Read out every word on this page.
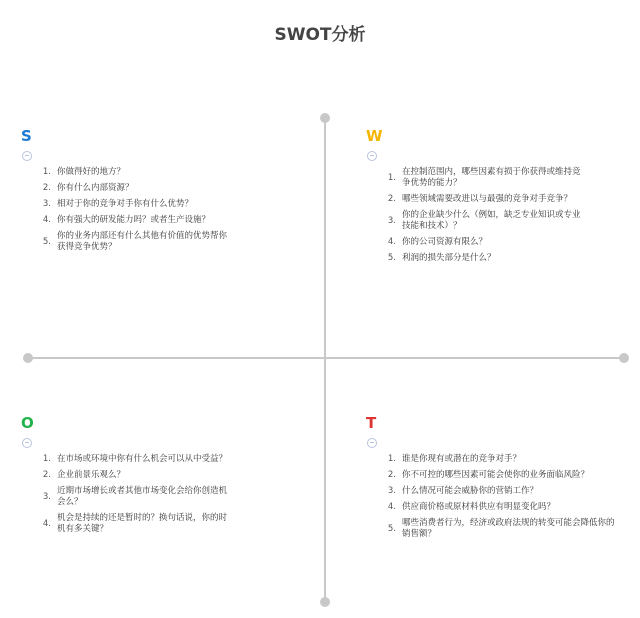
SWOT分析
S
1. 你做得好的地方？
2. 你有什么内部资源？
3. 相对于你的竞争对手你有什么优势？
4. 你有强大的研发能力吗？或者生产设施？
5.
你的业务内部还有什么其他有价值的优势帮你获得竞争优势？
W
1.
在控制范围内，哪些因素有损于你获得或维持竞争优势的能力？
2. 哪些领域需要改进以与最强的竞争对手竞争？
3.
你的企业缺少什么（例如，缺乏专业知识或专业技能和技术）？
4. 你的公司资源有限么？
5. 利润的损失部分是什么？
O
1. 在市场或环境中你有什么机会可以从中受益？
2. 企业前景乐观么？
3.
近期市场增长或者其他市场变化会给你创造机会么？
4.
机会是持续的还是暂时的？换句话说，你的时机有多关键？
T
1. 谁是你现有或潜在的竞争对手？
2. 你不可控的哪些因素可能会使你的业务面临风险？
3. 什么情况可能会威胁你的营销工作？
4. 供应商价格或原材料供应有明显变化吗？
5.
哪些消费者行为，经济或政府法规的转变可能会降低你的销售额？
